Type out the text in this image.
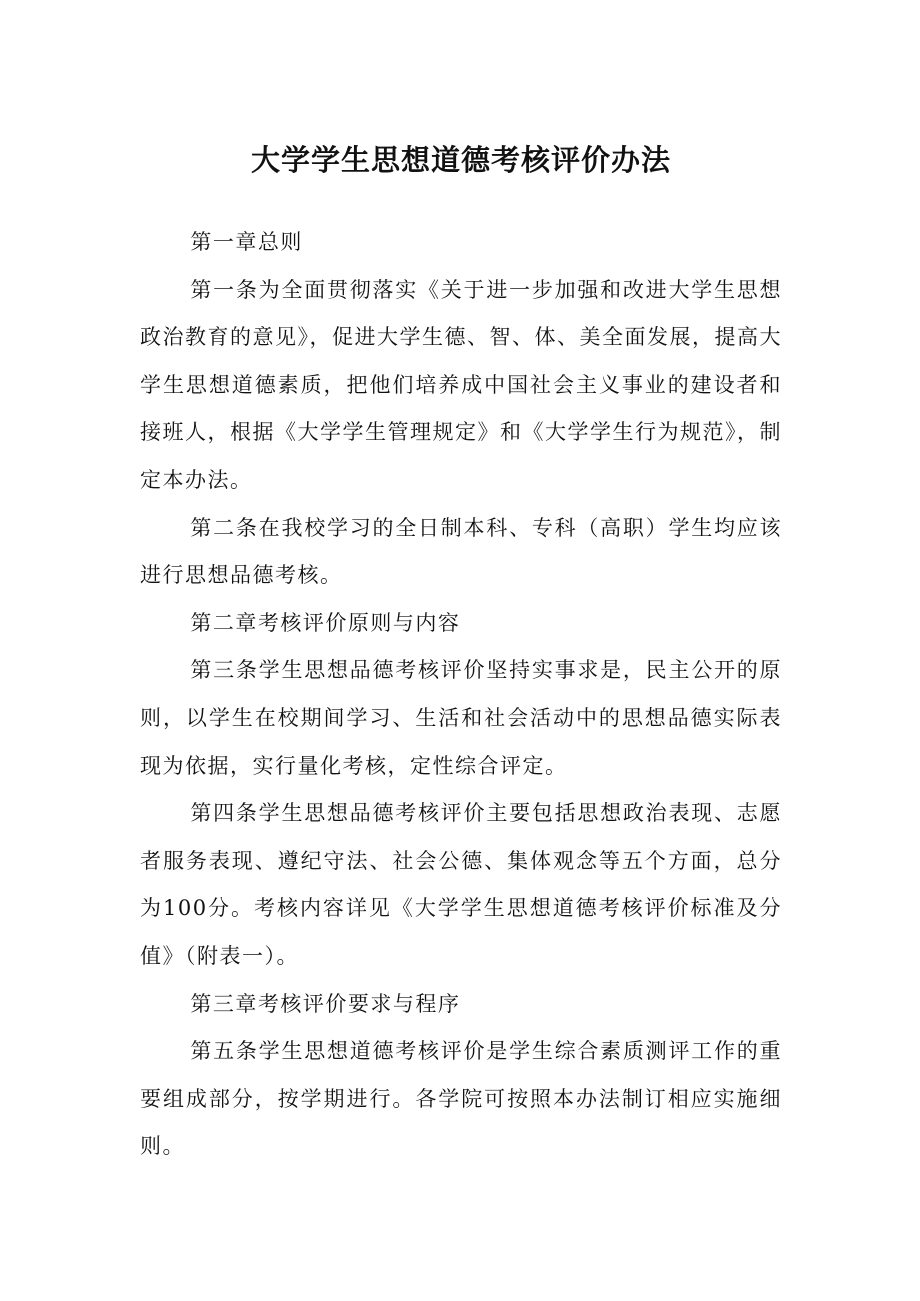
大学学生思想道德考核评价办法

第一章总则

第一条为全面贯彻落实《关于进一步加强和改进大学生思想政治教育的意见》，促进大学生德、智、体、美全面发展，提高大学生思想道德素质，把他们培养成中国社会主义事业的建设者和接班人，根据《大学学生管理规定》和《大学学生行为规范》，制定本办法。

第二条在我校学习的全日制本科、专科（高职）学生均应该进行思想品德考核。

第二章考核评价原则与内容

第三条学生思想品德考核评价坚持实事求是，民主公开的原则，以学生在校期间学习、生活和社会活动中的思想品德实际表现为依据，实行量化考核，定性综合评定。

第四条学生思想品德考核评价主要包括思想政治表现、志愿者服务表现、遵纪守法、社会公德、集体观念等五个方面，总分为100分。考核内容详见《大学学生思想道德考核评价标准及分值》（附表一）。

第三章考核评价要求与程序

第五条学生思想道德考核评价是学生综合素质测评工作的重要组成部分，按学期进行。各学院可按照本办法制订相应实施细则。
